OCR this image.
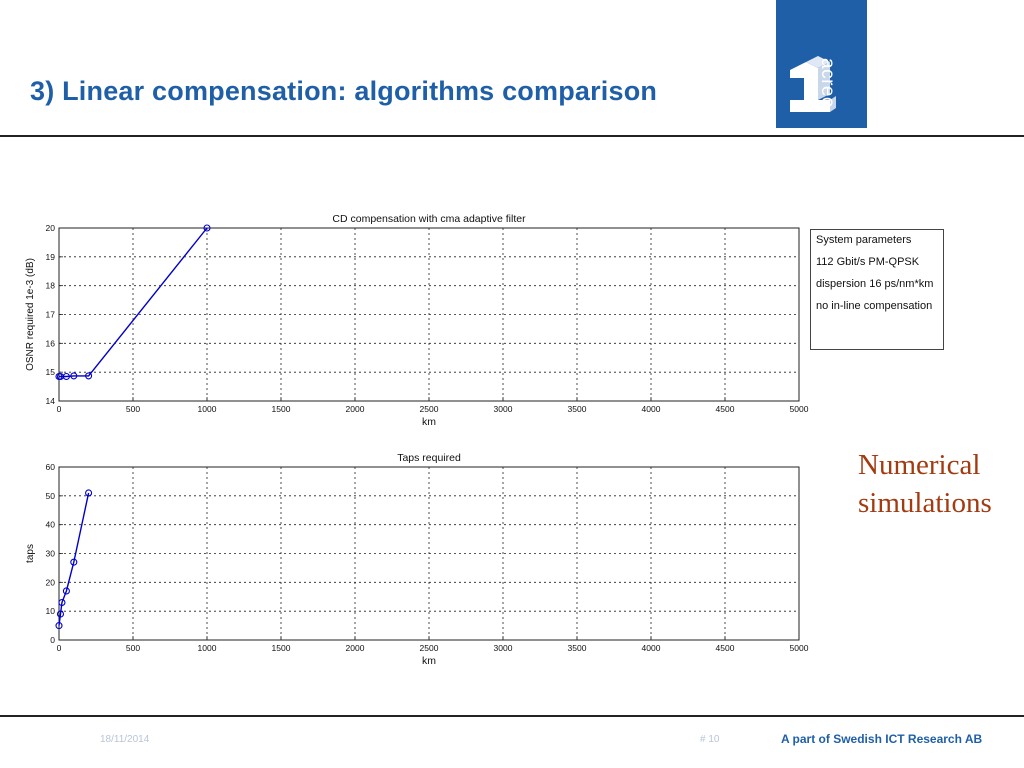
3) Linear compensation: algorithms comparison	acreo
0	500	1000	1500	2000	2500	3000	3500	4000	4500	5000
14
15
16
17
18
19
20
CD compensation with cma adaptive filter
km
OSNR required 1e-3 (dB)
0	500	1000	1500	2000	2500	3000	3500	4000	4500	5000
0
10
20
30
40
50
60
Taps required
km
taps
System parameters
112 Gbit/s PM-QPSK
dispersion 16 ps/nm*km
no in-line compensation
Numerical
simulations
18/11/2014	# 10	A part of Swedish ICT Research AB
